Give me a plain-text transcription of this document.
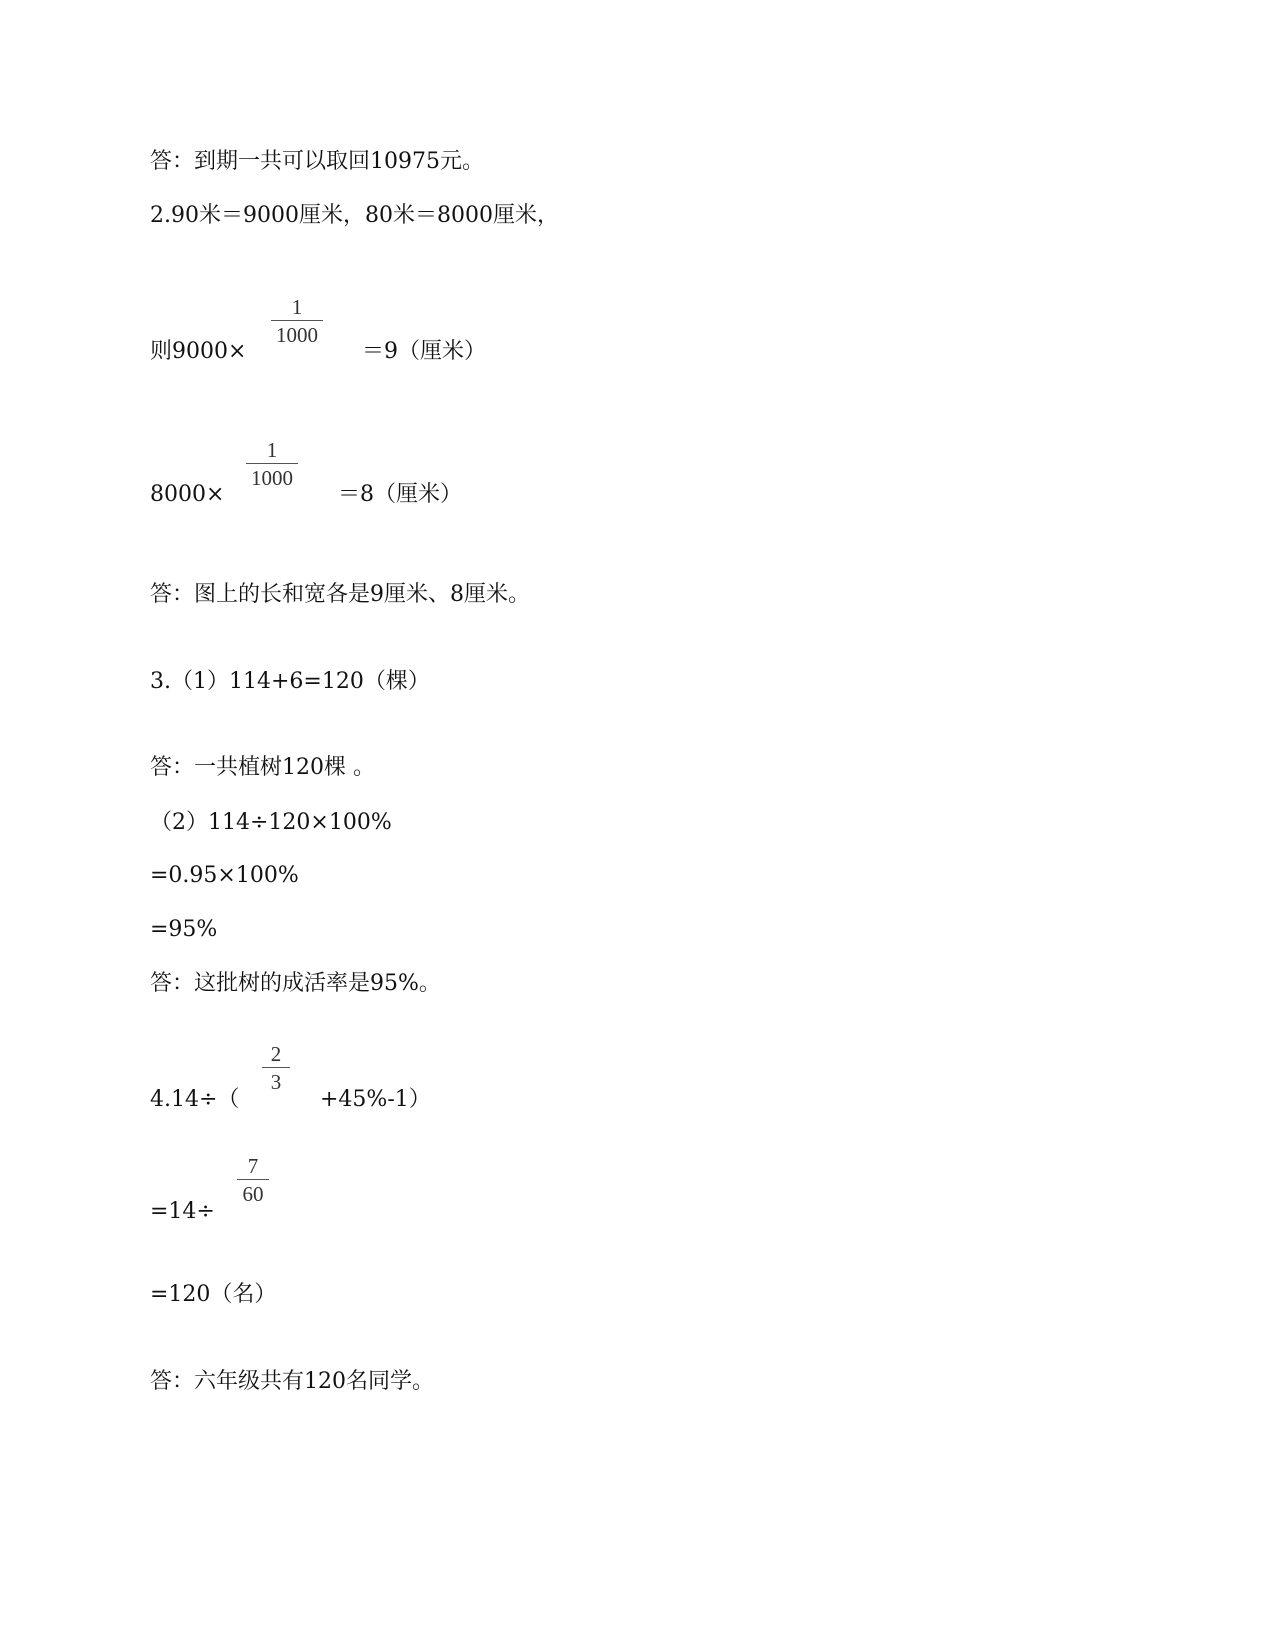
答：到期一共可以取回10975元。

2.90米＝9000厘米，80米＝8000厘米，

则9000×

1
1000

＝9（厘米）

8000×

1
1000

＝8（厘米）

答：图上的长和宽各是9厘米、8厘米。

3.（1）114+6=120（棵）

答：一共植树120棵 。

（2）114÷120×100%

=0.95×100%

=95%

答：这批树的成活率是95%。

4.14÷（

2
3

+45%-1）

=14÷

7
60

=120（名）

答：六年级共有120名同学。
